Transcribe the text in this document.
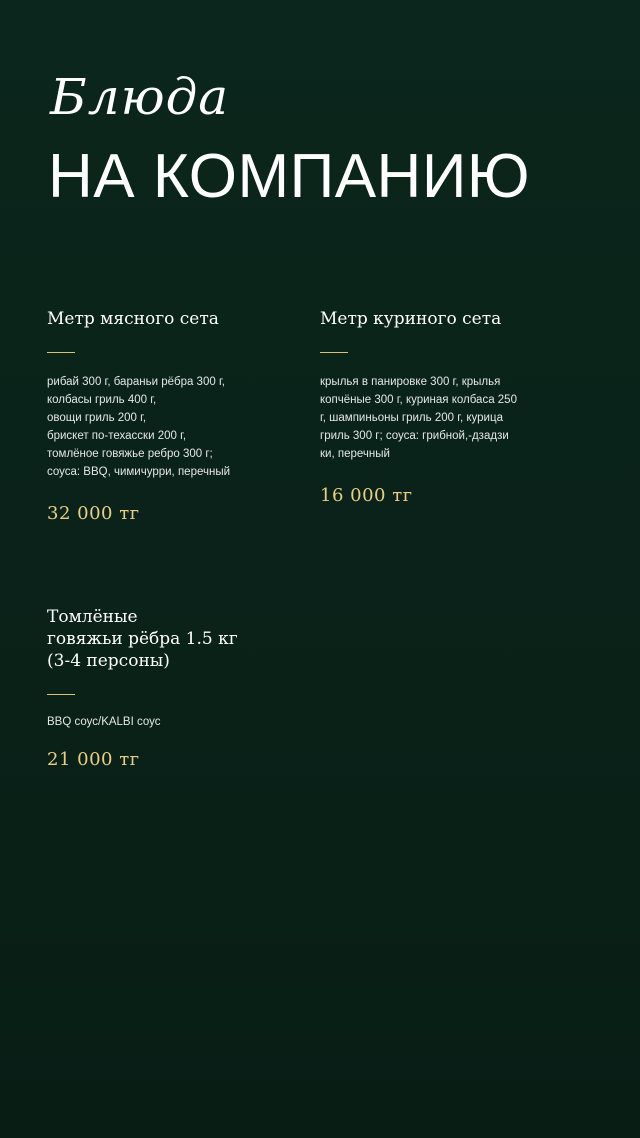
Блюда
НА КОМПАНИЮ
Метр мясного сета
рибай 300 г, бараньи рёбра 300 г,
колбасы гриль 400 г,
овощи гриль 200 г,
брискет по-техасски 200 г,
томлёное говяжье ребро 300 г;
соуса: BBQ, чимичурри, перечный
32 000 тг
Метр куриного сета
крылья в панировке 300 г, крылья
копчёные 300 г, куриная колбаса 250
г, шампиньоны гриль 200 г, курица
гриль 300 г; соуса: грибной,-дзадзи
ки, перечный
16 000 тг
Томлёные
говяжьи рёбра 1.5 кг
(3-4 персоны)
BBQ соус/KALBI соус
21 000 тг
